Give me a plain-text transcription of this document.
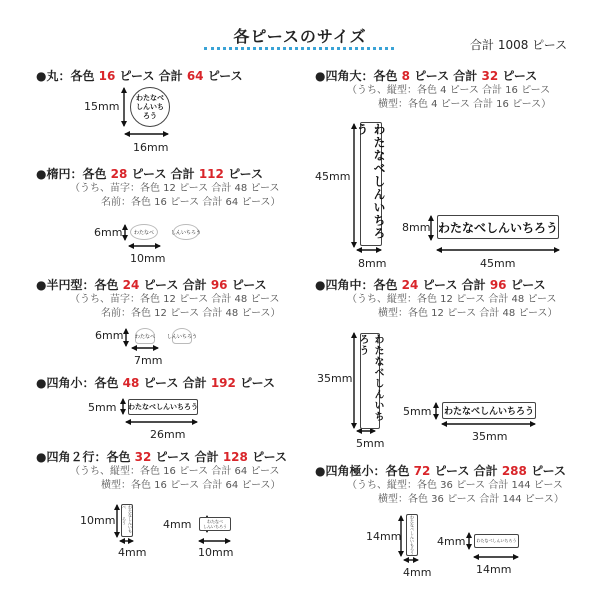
各ピースのサイズ	合計 1008 ピース
●丸：各色 16 ピース 合計 64 ピース
15mm
わたなべ しんいちろう
16mm
●楕円：各色 28 ピース 合計 112 ピース
（うち、苗字：各色 12 ピース 合計 48 ピース
名前：各色 16 ピース 合計 64 ピース）
6mm	わたなべ	しんいちろう
10mm
●半円型：各色 24 ピース 合計 96 ピース
（うち、苗字：各色 12 ピース 合計 48 ピース
名前：各色 12 ピース 合計 48 ピース）
6mm わたなべ しんいちろう
7mm
●四角小：各色 48 ピース 合計 192 ピース
5mm わたなべしんいちろう
26mm
●四角２行：各色 32 ピース 合計 128 ピース
（うち、縦型：各色 16 ピース 合計 64 ピース
横型：各色 16 ピース 合計 64 ピース）
10mm
わたなべ
しんいちろう
4mm
4mm	わたなべ
しんいちろう
10mm
●四角大：各色 8 ピース 合計 32 ピース
（うち、縦型：各色 4 ピース 合計 16 ピース
横型：各色 4 ピース 合計 16 ピース）
45mm	わたなべしんいちろう
8mm
8mm わたなべしんいちろう
45mm
●四角中：各色 24 ピース 合計 96 ピース
（うち、縦型：各色 12 ピース 合計 48 ピース
横型：各色 12 ピース 合計 48 ピース）
35mm	わたなべしんいちろう
5mm
5mm わたなべしんいちろう
35mm
●四角極小：各色 72 ピース 合計 288 ピース
（うち、縦型：各色 36 ピース 合計 144 ピース
横型：各色 36 ピース 合計 144 ピース）
14mm	わたなべしんいちろう
4mm
4mm	わたなべしんいちろう
14mm
